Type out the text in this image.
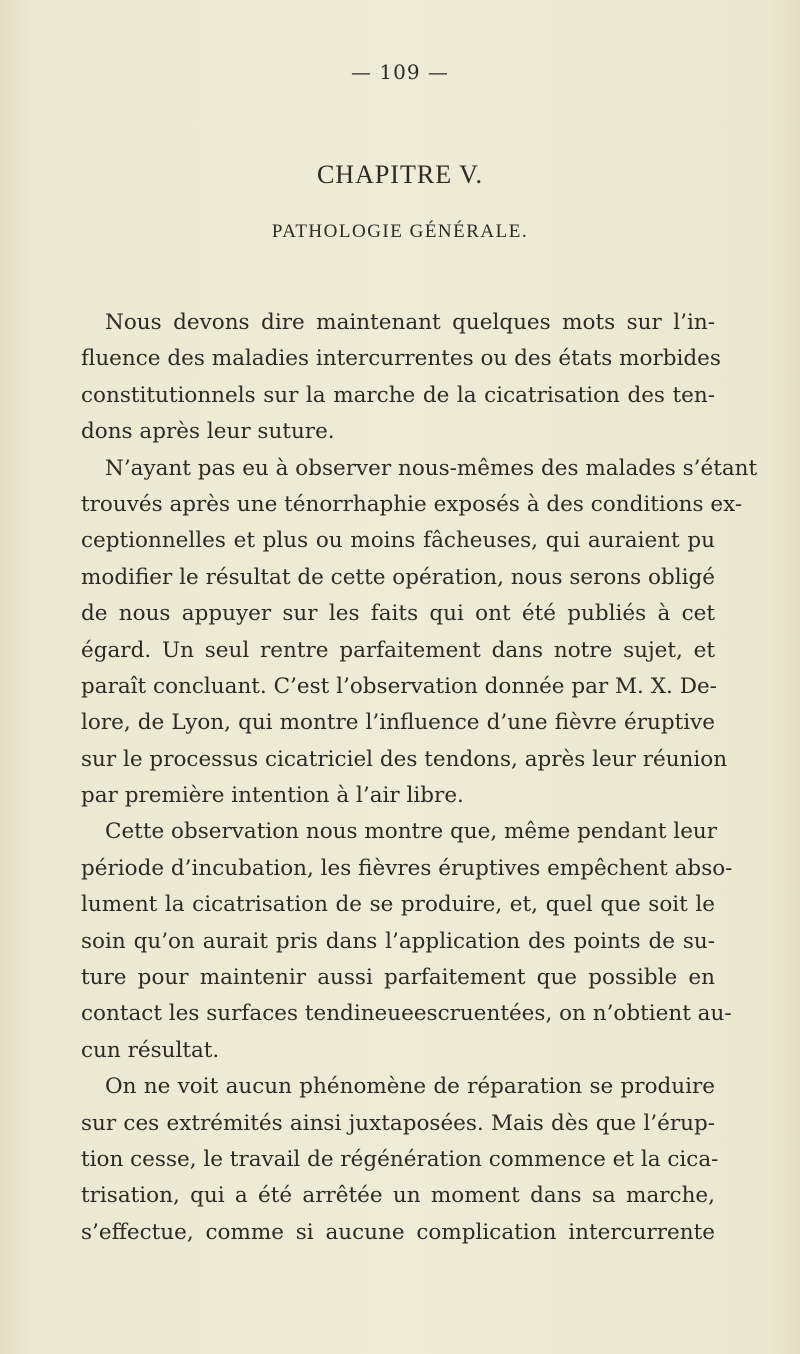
— 109 —
CHAPITRE V.
PATHOLOGIE GÉNÉRALE.
Nous devons dire maintenant quelques mots sur l’in-
fluence des maladies intercurrentes ou des états morbides
constitutionnels sur la marche de la cicatrisation des ten-
dons après leur suture.
N’ayant pas eu à observer nous-mêmes des malades s’étant
trouvés après une ténorrhaphie exposés à des conditions ex-
ceptionnelles et plus ou moins fâcheuses, qui auraient pu
modifier le résultat de cette opération, nous serons obligé
de nous appuyer sur les faits qui ont été publiés à cet
égard. Un seul rentre parfaitement dans notre sujet, et
paraît concluant. C’est l’observation donnée par M. X. De-
lore, de Lyon, qui montre l’influence d’une fièvre éruptive
sur le processus cicatriciel des tendons, après leur réunion
par première intention à l’air libre.
Cette observation nous montre que, même pendant leur
période d’incubation, les fièvres éruptives empêchent abso-
lument la cicatrisation de se produire, et, quel que soit le
soin qu’on aurait pris dans l’application des points de su-
ture pour maintenir aussi parfaitement que possible en
contact les surfaces tendineueescruentées, on n’obtient au-
cun résultat.
On ne voit aucun phénomène de réparation se produire
sur ces extrémités ainsi juxtaposées. Mais dès que l’érup-
tion cesse, le travail de régénération commence et la cica-
trisation, qui a été arrêtée un moment dans sa marche,
s’effectue, comme si aucune complication intercurrente
